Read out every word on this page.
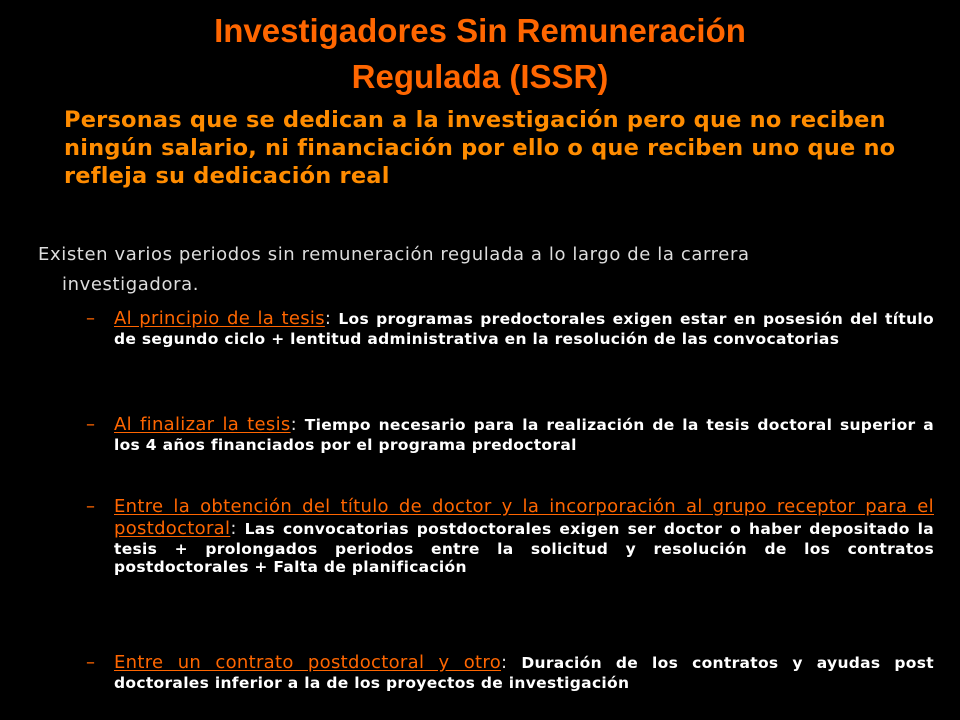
Investigadores Sin Remuneración
Regulada (ISSR)
Personas que se dedican a la investigación pero que no reciben ningún salario, ni financiación por ello o que reciben uno que no refleja su dedicación real
Existen varios periodos sin remuneración regulada a lo largo de la carrera
investigadora.
– Al principio de la tesis: Los programas predoctorales exigen estar en posesión del título de segundo ciclo + lentitud administrativa en la resolución de las convocatorias
– Al finalizar la tesis: Tiempo necesario para la realización de la tesis doctoral superior a los 4 años financiados por el programa predoctoral
– Entre la obtención del título de doctor y la incorporación al grupo receptor para el postdoctoral: Las convocatorias postdoctorales exigen ser doctor o haber depositado la tesis + prolongados periodos entre la solicitud y resolución de los contratos postdoctorales + Falta de planificación
– Entre un contrato postdoctoral y otro: Duración de los contratos y ayudas post doctorales inferior a la de los proyectos de investigación
